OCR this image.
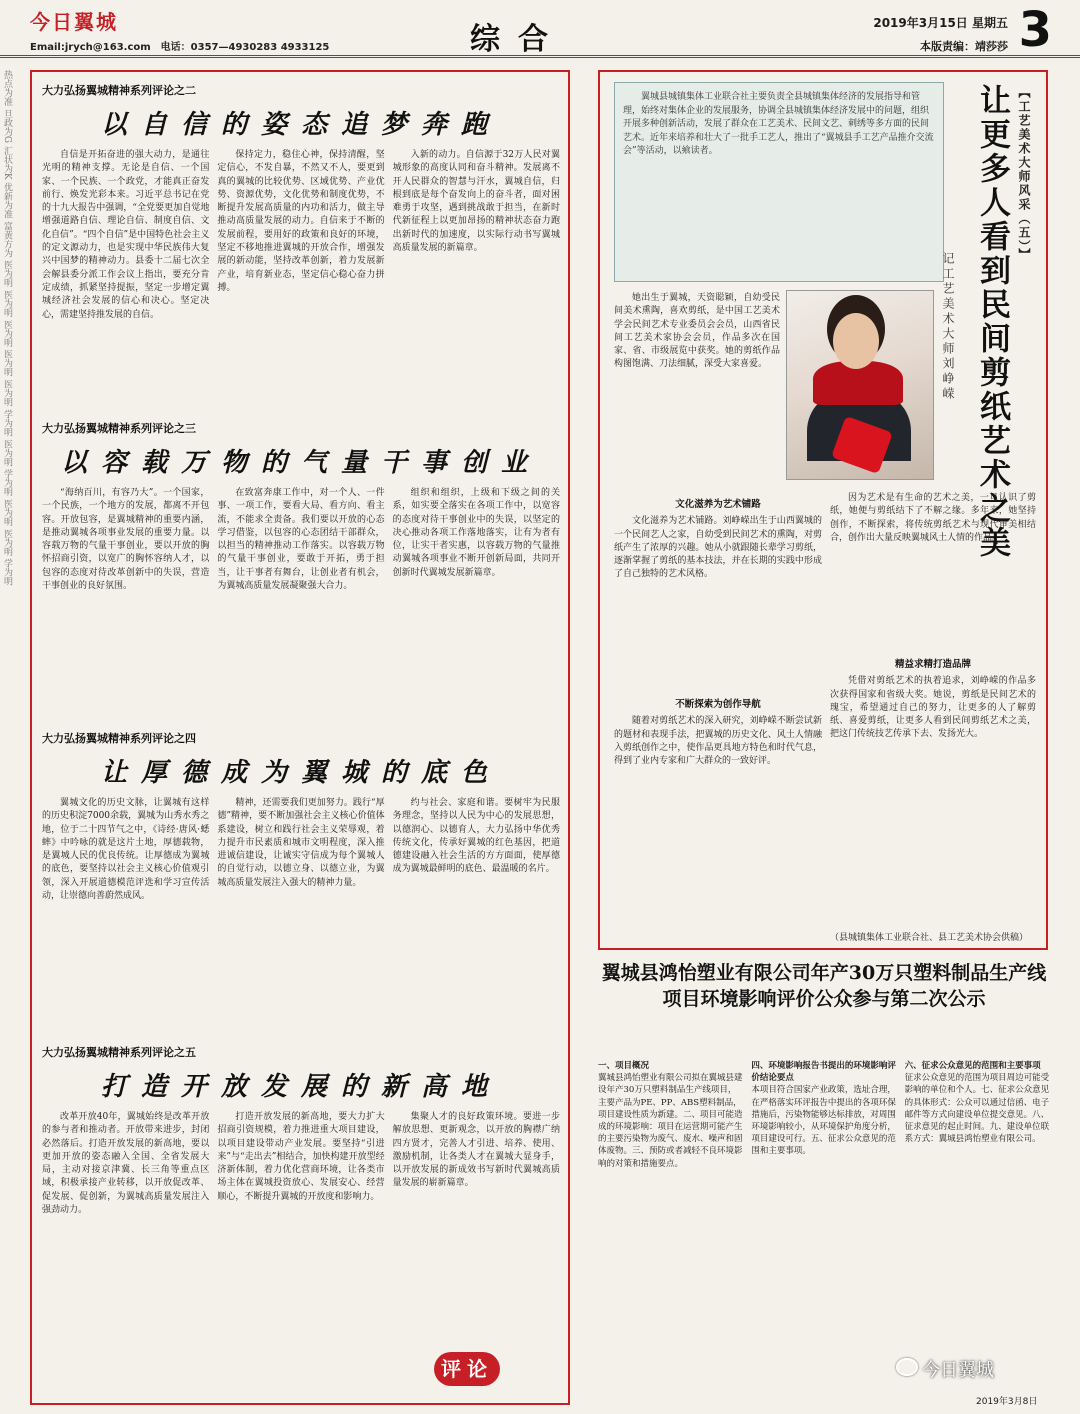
今日翼城
Email:jrych@163.com　电话：0357—4930283 4933125	综合	2019年3月15日 星期五
本版责编：靖莎莎 3
热点为准 旦政为G 汇状为K 优新为准 富黄方为 医为明 医为明 医为明 医为明 医为明 学为明 医为明 学为明 医为明 医为明 学为明	大力弘扬翼城精神系列评论之二
以自信的姿态追梦奔跑

自信是开拓奋进的强大动力，是通往光明的精神支撑。无论是自信、一个国家、一个民族、一个政党，才能真正奋发前行、焕发光彩本来。习近平总书记在党的十九大报告中强调，“全党要更加自觉地增强道路自信、理论自信、制度自信、文化自信”。“四个自信”是中国特色社会主义的定文源动力，也是实现中华民族伟大复兴中国梦的精神动力。县委十二届七次全会解县委分派工作会议上指出，要充分肯定成绩，抓紧坚持提振，坚定一步增定翼城经济社会发展的信心和决心。坚定决心，需建坚持推发展的自信。

保持定力，稳住心神，保持清醒，坚定信心，不发自暴，不然又不人，要更到真的翼城的比较优势、区域优势、产业优势、资源优势，文化优势和制度优势，不断提升发展高质量的内功和活力，做主导推动高质量发展的动力。自信来于不断的发展前程，要用好的政策和良好的环境，坚定不移地推进翼城的开放合作，增强发展的新动能，坚持改革创新，着力发展新产业，培育新业态，坚定信心稳心奋力拼搏。

入新的动力。自信源于32万人民对翼城形象的高度认同和奋斗精神。发展离不开人民群众的智慧与汗水，翼城自信，归根到底是每个奋发向上的奋斗者，面对困难勇于攻坚，遇到挑战敢于担当，在新时代新征程上以更加昂扬的精神状态奋力跑出新时代的加速度，以实际行动书写翼城高质量发展的新篇章。

大力弘扬翼城精神系列评论之三
以容载万物的气量干事创业

“海纳百川，有容乃大”。一个国家，一个民族，一个地方的发展，都离不开包容。开放包容，是翼城精神的重要内涵，是推动翼城各项事业发展的重要力量。以容载万物的气量干事创业，要以开放的胸怀招商引资，以宽广的胸怀容纳人才，以包容的态度对待改革创新中的失误，营造干事创业的良好氛围。

在致富奔康工作中，对一个人、一件事、一项工作，要看大局、看方向、看主流，不能求全责备。我们要以开放的心态学习借鉴，以包容的心态团结干部群众，以担当的精神推动工作落实。以容载万物的气量干事创业，要敢于开拓，勇于担当，让干事者有舞台，让创业者有机会，为翼城高质量发展凝聚强大合力。

组织和组织，上级和下级之间的关系，如实要全落实在各项工作中，以宽容的态度对待干事创业中的失误，以坚定的决心推动各项工作落地落实，让有为者有位，让实干者实惠，以容载万物的气量推动翼城各项事业不断开创新局面，共同开创新时代翼城发展新篇章。

大力弘扬翼城精神系列评论之四
让厚德成为翼城的底色

翼城文化的历史文脉，让翼城有这样的历史积淀7000余载，翼城为山秀水秀之地，位于二十四节气之中，《诗经·唐风·蟋蟀》中吟咏的就是这片土地，厚德载物，是翼城人民的优良传统。让厚德成为翼城的底色，要坚持以社会主义核心价值观引领，深入开展道德模范评选和学习宣传活动，让崇德向善蔚然成风。

精神，还需要我们更加努力。践行“厚德”精神，要不断加强社会主义核心价值体系建设，树立和践行社会主义荣辱观，着力提升市民素质和城市文明程度，深入推进诚信建设，让诚实守信成为每个翼城人的自觉行动，以德立身、以德立业，为翼城高质量发展注入强大的精神力量。

约与社会、家庭和谐。要树牢为民服务理念，坚持以人民为中心的发展思想，以德润心、以德育人，大力弘扬中华优秀传统文化，传承好翼城的红色基因，把道德建设融入社会生活的方方面面，使厚德成为翼城最鲜明的底色、最温暖的名片。

大力弘扬翼城精神系列评论之五
打造开放发展的新高地

改革开放40年，翼城始终是改革开放的参与者和推动者。开放带来进步，封闭必然落后。打造开放发展的新高地，要以更加开放的姿态融入全国、全省发展大局，主动对接京津冀、长三角等重点区域，积极承接产业转移，以开放促改革、促发展、促创新，为翼城高质量发展注入强劲动力。

打造开放发展的新高地，要大力扩大招商引资规模，着力推进重大项目建设，以项目建设带动产业发展。要坚持“引进来”与“走出去”相结合，加快构建开放型经济新体制，着力优化营商环境，让各类市场主体在翼城投资放心、发展安心、经营顺心，不断提升翼城的开放度和影响力。

集聚人才的良好政策环境。要进一步解放思想、更新观念，以开放的胸襟广纳四方贤才，完善人才引进、培养、使用、激励机制，让各类人才在翼城大显身手，以开放发展的新成效书写新时代翼城高质量发展的崭新篇章。

评论

翼城县城镇集体工业联合社主要负责全县城镇集体经济的发展指导和管理，始终对集体企业的发展服务，协调全县城镇集体经济发展中的问题，组织开展多种创新活动，发展了群众在工艺美术、民间文艺、刺绣等多方面的民间艺术。近年来培养和壮大了一批手工艺人，推出了“翼城县手工艺产品推介交流会”等活动，以飨读者。	【工艺美术大师风采（五）】
让更多人看到民间剪纸艺术之美
记工艺美术大师刘峥嵘

她出生于翼城，天资聪颖，自幼受民间美术熏陶，喜欢剪纸，是中国工艺美术学会民间艺术专业委员会会员，山西省民间工艺美术家协会会员，作品多次在国家、省、市级展览中获奖。她的剪纸作品构图饱满、刀法细腻，深受大家喜爱。

文化滋养为艺术铺路

文化滋养为艺术铺路。刘峥嵘出生于山西翼城的一个民间艺人之家，自幼受到民间艺术的熏陶，对剪纸产生了浓厚的兴趣。她从小就跟随长辈学习剪纸，逐渐掌握了剪纸的基本技法，并在长期的实践中形成了自己独特的艺术风格。

因为艺术是有生命的艺术之美，一旦认识了剪纸，她便与剪纸结下了不解之缘。多年来，她坚持创作，不断探索，将传统剪纸艺术与现代审美相结合，创作出大量反映翼城风土人情的作品。

不断探索为创作导航

随着对剪纸艺术的深入研究，刘峥嵘不断尝试新的题材和表现手法，把翼城的历史文化、风土人情融入剪纸创作之中，使作品更具地方特色和时代气息，得到了业内专家和广大群众的一致好评。

精益求精打造品牌

凭借对剪纸艺术的执着追求，刘峥嵘的作品多次获得国家和省级大奖。她说，剪纸是民间艺术的瑰宝，希望通过自己的努力，让更多的人了解剪纸、喜爱剪纸，让更多人看到民间剪纸艺术之美，把这门传统技艺传承下去、发扬光大。

（县城镇集体工业联合社、县工艺美术协会供稿）
翼城县鸿怡塑业有限公司年产30万只塑料制品生产线项目环境影响评价公众参与第二次公示
一、项目概况
翼城县鸿怡塑业有限公司拟在翼城县建设年产30万只塑料制品生产线项目，主要产品为PE、PP、ABS塑料制品，项目建设性质为新建。二、项目可能造成的环境影响：项目在运营期可能产生的主要污染物为废气、废水、噪声和固体废物。三、预防或者减轻不良环境影响的对策和措施要点。
四、环境影响报告书提出的环境影响评价结论要点
本项目符合国家产业政策，选址合理，在严格落实环评报告中提出的各项环保措施后，污染物能够达标排放，对周围环境影响较小，从环境保护角度分析，项目建设可行。五、征求公众意见的范围和主要事项。
六、征求公众意见的范围和主要事项
征求公众意见的范围为项目周边可能受影响的单位和个人。七、征求公众意见的具体形式：公众可以通过信函、电子邮件等方式向建设单位提交意见。八、征求意见的起止时间。九、建设单位联系方式：翼城县鸿怡塑业有限公司。
2019年3月8日
今日翼城
